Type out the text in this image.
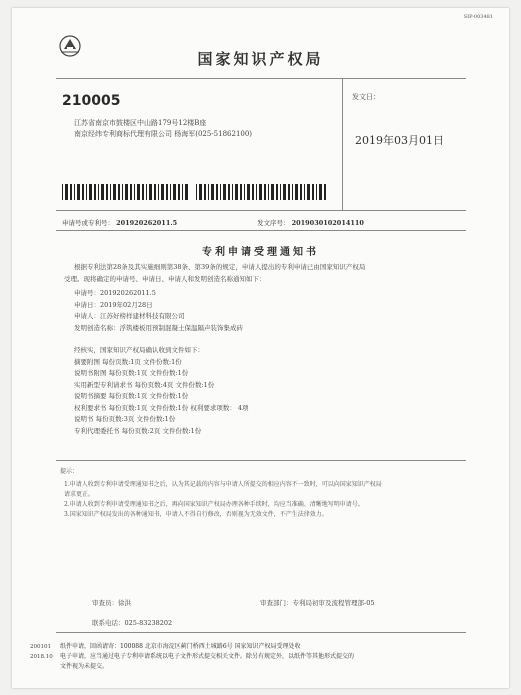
SIP-003481
国家知识产权局
210005
江苏省南京市鼓楼区中山路179号12楼B座
南京经纬专利商标代理有限公司 杨海军(025-51862100)
发文日：
2019年03月01日
申请号或专利号： 201920262011.5	发文序号： 2019030102014110
专利申请受理通知书
根据专利法第28条及其实施细则第38条、第39条的规定，申请人提出的专利申请已由国家知识产权局
受理。现将确定的申请号、申请日、申请人和发明创造名称通知如下：
申请号：201920262011.5
申请日：2019年02月28日
申请人：江苏好榜样建材科技有限公司
发明创造名称：浮筑楼板用预制混凝土保温隔声装饰集成砖
经核实，国家知识产权局确认收到文件如下：
摘要附图 每份页数:1页 文件份数:1份
说明书附图 每份页数:1页 文件份数:1份
实用新型专利请求书 每份页数:4页 文件份数:1份
说明书摘要 每份页数:1页 文件份数:1份
权利要求书 每份页数:1页 文件份数:1份 权利要求项数： 4项
说明书 每份页数:3页 文件份数:1份
专利代理委托书 每份页数:2页 文件份数:1份
提示：
1.申请人收到专利申请受理通知书之后，认为其记载的内容与申请人所提交的相应内容不一致时，可以向国家知识产权局
请求更正。
2.申请人收到专利申请受理通知书之后，再向国家知识产权局办理各种手续时，均应当准确、清晰地写明申请号。
3.国家知识产权局发出的各种通知书，申请人不得自行修改，否则视为无效文件，不产生法律效力。
审查员：徐洪	审查部门：专利局初审及流程管理部-05
联系电话：025-83238202
200101
2018.10
纸件申请，回函请寄：100088 北京市海淀区蓟门桥西土城路6号 国家知识产权局受理处收
电子申请，应当通过电子专利申请系统以电子文件形式提交相关文件。除另有规定外，以纸件等其他形式提交的
文件视为未提交。
